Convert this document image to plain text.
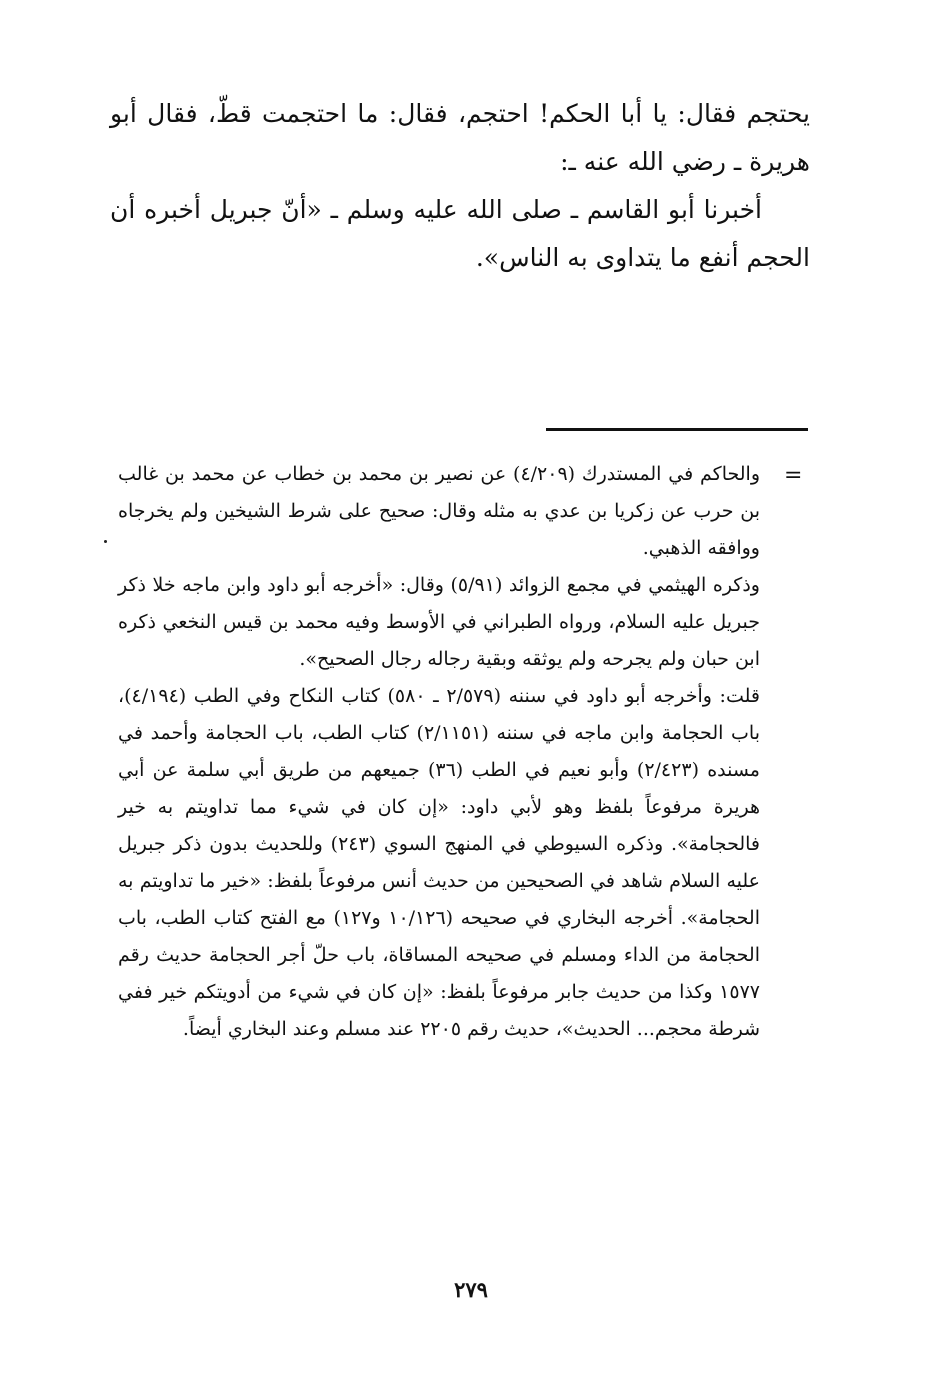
يحتجم فقال: يا أبا الحكم! احتجم، فقال: ما احتجمت قطّ، فقال أبو هريرة ـ رضي الله عنه ـ:

أخبرنا أبو القاسم ـ صلى الله عليه وسلم ـ «أنّ جبريل أخبره أن الحجم أنفع ما يتداوى به الناس».

=

والحاكم في المستدرك (٤/٢٠٩) عن نصير بن محمد بن خطاب عن محمد بن غالب بن حرب عن زكريا بن عدي به مثله وقال: صحيح على شرط الشيخين ولم يخرجاه ووافقه الذهبي.

وذكره الهيثمي في مجمع الزوائد (٥/٩١) وقال: «أخرجه أبو داود وابن ماجه خلا ذكر جبريل عليه السلام، ورواه الطبراني في الأوسط وفيه محمد بن قيس النخعي ذكره ابن حبان ولم يجرحه ولم يوثقه وبقية رجاله رجال الصحيح».

قلت: وأخرجه أبو داود في سننه (٢/٥٧٩ ـ ٥٨٠) كتاب النكاح وفي الطب (٤/١٩٤)، باب الحجامة وابن ماجه في سننه (٢/١١٥١) كتاب الطب، باب الحجامة وأحمد في مسنده (٢/٤٢٣) وأبو نعيم في الطب (٣٦) جميعهم من طريق أبي سلمة عن أبي هريرة مرفوعاً بلفظ وهو لأبي داود: «إن كان في شيء مما تداويتم به خير فالحجامة». وذكره السيوطي في المنهج السوي (٢٤٣) وللحديث بدون ذكر جبريل عليه السلام شاهد في الصحيحين من حديث أنس مرفوعاً بلفظ: «خير ما تداويتم به الحجامة». أخرجه البخاري في صحيحه (١٠/١٢٦ و١٢٧) مع الفتح كتاب الطب، باب الحجامة من الداء ومسلم في صحيحه المساقاة، باب حلّ أجر الحجامة حديث رقم ١٥٧٧ وكذا من حديث جابر مرفوعاً بلفظ: «إن كان في شيء من أدويتكم خير ففي شرطة محجم... الحديث»، حديث رقم ٢٢٠٥ عند مسلم وعند البخاري أيضاً.

٢٧٩
